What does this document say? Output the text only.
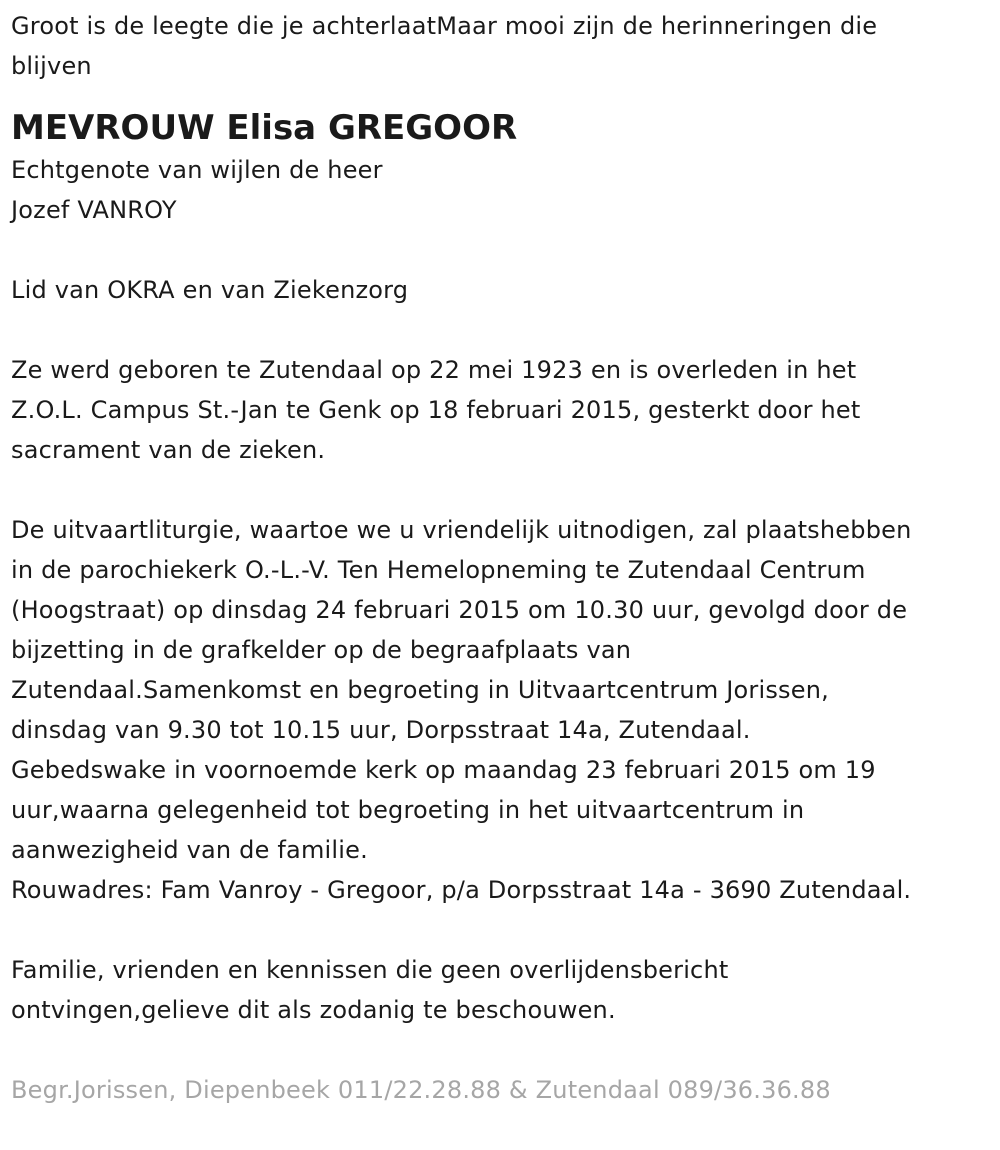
Groot is de leegte die je achterlaatMaar mooi zijn de herinneringen die

blijven

MEVROUW Elisa GREGOOR

Echtgenote van wijlen de heer

Jozef VANROY

Lid van OKRA en van Ziekenzorg

Ze werd geboren te Zutendaal op 22 mei 1923 en is overleden in het

Z.O.L. Campus St.-Jan te Genk op 18 februari 2015, gesterkt door het

sacrament van de zieken.

De uitvaartliturgie, waartoe we u vriendelijk uitnodigen, zal plaatshebben

in de parochiekerk O.-L.-V. Ten Hemelopneming te Zutendaal Centrum

(Hoogstraat) op dinsdag 24 februari 2015 om 10.30 uur, gevolgd door de

bijzetting in de grafkelder op de begraafplaats van

Zutendaal.Samenkomst en begroeting in Uitvaartcentrum Jorissen,

dinsdag van 9.30 tot 10.15 uur, Dorpsstraat 14a, Zutendaal.

Gebedswake in voornoemde kerk op maandag 23 februari 2015 om 19

uur,waarna gelegenheid tot begroeting in het uitvaartcentrum in

aanwezigheid van de familie.

Rouwadres: Fam Vanroy - Gregoor, p/a Dorpsstraat 14a - 3690 Zutendaal.

Familie, vrienden en kennissen die geen overlijdensbericht

ontvingen,gelieve dit als zodanig te beschouwen.

Begr.Jorissen, Diepenbeek 011/22.28.88 & Zutendaal 089/36.36.88
